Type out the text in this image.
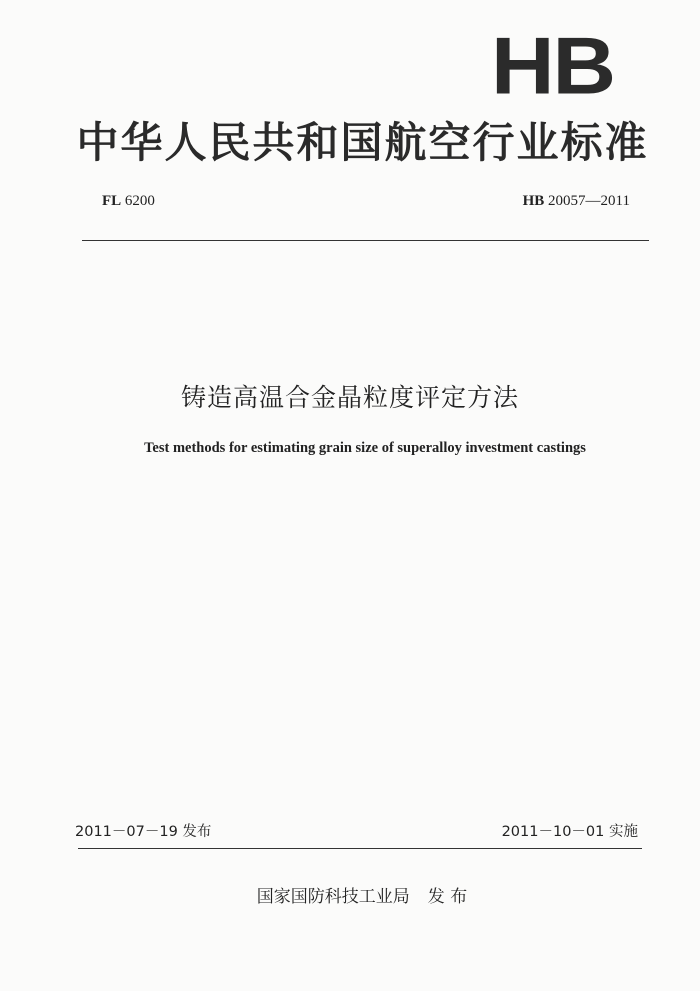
HB
中华人民共和国航空行业标准
FL 6200	HB 20057—2011
铸造高温合金晶粒度评定方法
Test methods for estimating grain size of superalloy investment castings
2011－07－19 发布	2011－10－01 实施
国家国防科技工业局 发 布
